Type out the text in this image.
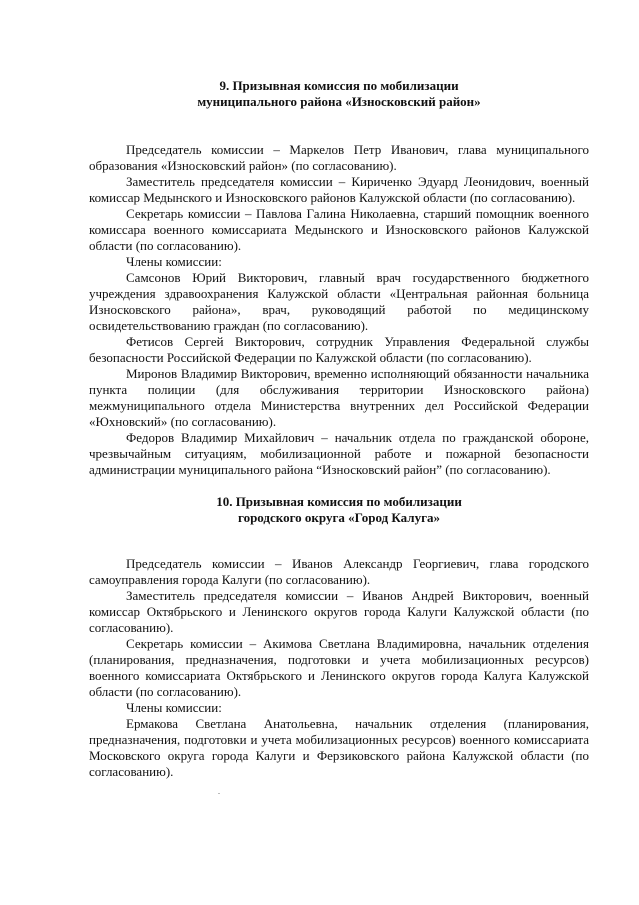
9. Призывная комиссия по мобилизации
муниципального района «Износковский район»

Председатель комиссии – Маркелов Петр Иванович, глава муниципального образования «Износковский район» (по согласованию).

Заместитель председателя комиссии – Кириченко Эдуард Леонидович, военный комиссар Медынского и Износковского районов Калужской области (по согласованию).

Секретарь комиссии – Павлова Галина Николаевна, старший помощник военного комиссара военного комиссариата Медынского и Износковского районов Калужской области (по согласованию).

Члены комиссии:

Самсонов Юрий Викторович, главный врач государственного бюджетного учреждения здравоохранения Калужской области «Центральная районная больница Износковского района», врач, руководящий работой по медицинскому освидетельствованию граждан (по согласованию).

Фетисов Сергей Викторович, сотрудник Управления Федеральной службы безопасности Российской Федерации по Калужской области (по согласованию).

Миронов Владимир Викторович, временно исполняющий обязанности начальника пункта полиции (для обслуживания территории Износковского района) межмуниципального отдела Министерства внутренних дел Российской Федерации «Юхновский» (по согласованию).

Федоров Владимир Михайлович – начальник отдела по гражданской обороне, чрезвычайным ситуациям, мобилизационной работе и пожарной безопасности администрации муниципального района “Износковский район” (по согласованию).

10. Призывная комиссия по мобилизации
городского округа «Город Калуга»

Председатель комиссии – Иванов Александр Георгиевич, глава городского самоуправления города Калуги (по согласованию).

Заместитель председателя комиссии – Иванов Андрей Викторович, военный комиссар Октябрьского и Ленинского округов города Калуги Калужской области (по согласованию).

Секретарь комиссии – Акимова Светлана Владимировна, начальник отделения (планирования, предназначения, подготовки и учета мобилизационных ресурсов) военного комиссариата Октябрьского и Ленинского округов города Калуга Калужской области (по согласованию).

Члены комиссии:

Ермакова Светлана Анатольевна, начальник отделения (планирования, предназначения, подготовки и учета мобилизационных ресурсов) военного комиссариата Московского округа города Калуги и Ферзиковского района Калужской области (по согласованию).
